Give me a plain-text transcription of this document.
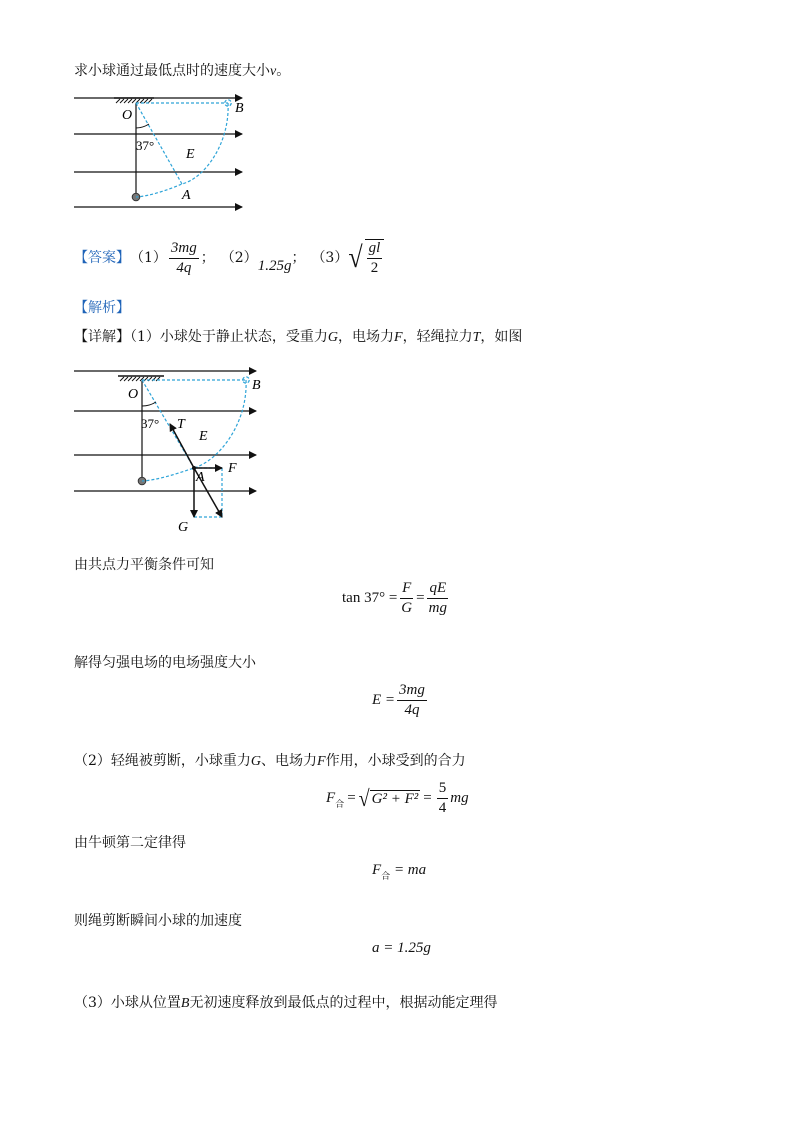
求小球通过最低点时的速度大小v。
O	B
37°
E
A
【答案】 $(1) \frac{3mg}{4q}$ ； （2） 1.25g ； （3） √ $\frac{gl}{2}$
【解析】
【详解】（1）小球处于静止状态，受重力G，电场力F，轻绳拉力T，如图
O
B
37° T
E
F
A
G
由共点力平衡条件可知
$\tan 37^\circ = \frac{F}{G} = \frac{qE}{mg}$
解得匀强电场的电场强度大小
$E = \frac{3mg}{4q}$
（2）轻绳被剪断，小球重力G、电场力F作用，小球受到的合力
F 合 = √ $G^2 + F^2 = \frac{5}{4}$ mg
由牛顿第二定律得
$F_合$ = ma
则绳剪断瞬间小球的加速度
a = 1.25g
（3）小球从位置B无初速度释放到最低点的过程中，根据动能定理得
